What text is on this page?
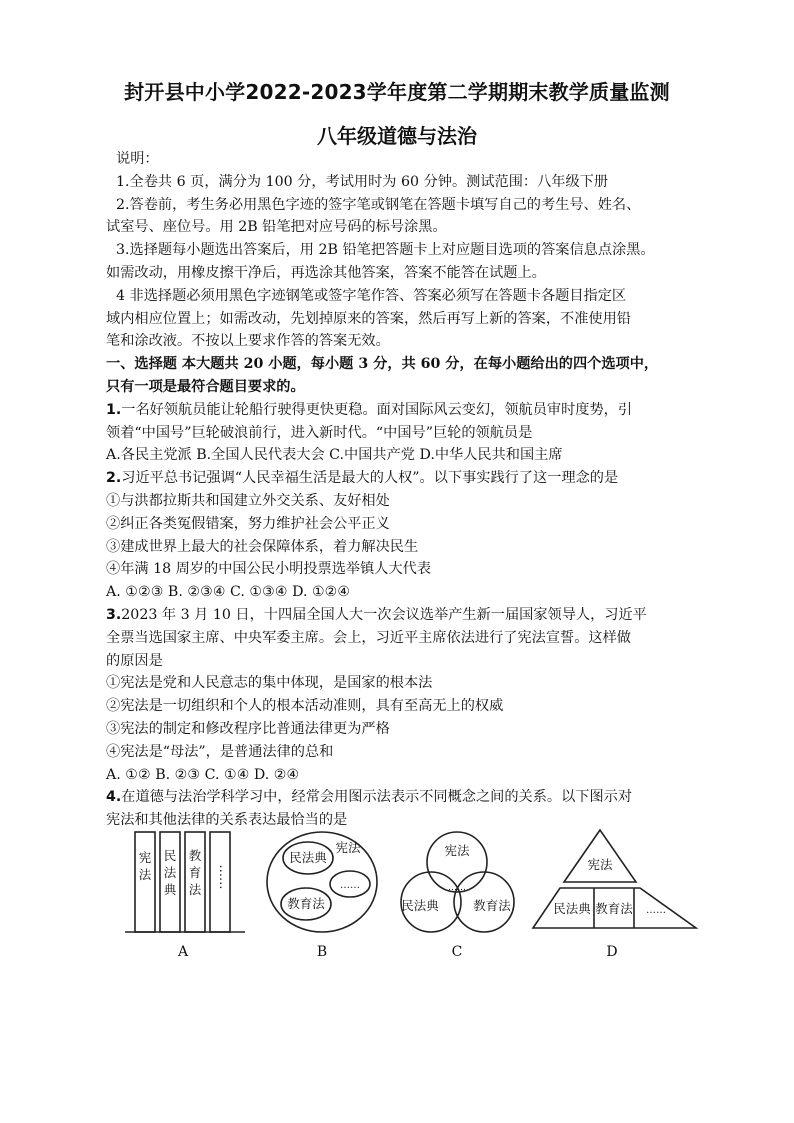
封开县中小学2022-2023学年度第二学期期末教学质量监测
八年级道德与法治
说明：
1.全卷共 6 页，满分为 100 分，考试用时为 60 分钟。测试范围：八年级下册
2.答卷前，考生务必用黑色字迹的签字笔或钢笔在答题卡填写自己的考生号、姓名、
试室号、座位号。用 2B 铅笔把对应号码的标号涂黑。
3.选择题每小题选出答案后，用 2B 铅笔把答题卡上对应题目选项的答案信息点涂黑。
如需改动，用橡皮擦干净后，再选涂其他答案，答案不能答在试题上。
4 非选择题必须用黑色字迹钢笔或签字笔作答、答案必须写在答题卡各题目指定区
域内相应位置上；如需改动，先划掉原来的答案，然后再写上新的答案，不准使用铅
笔和涂改液。不按以上要求作答的答案无效。
一、选择题 本大题共 20 小题，每小题 3 分，共 60 分，在每小题给出的四个选项中，
只有一项是最符合题目要求的。
1.一名好领航员能让轮船行驶得更快更稳。面对国际风云变幻，领航员审时度势，引
领着“中国号”巨轮破浪前行，进入新时代。“中国号”巨轮的领航员是
A.各民主党派 B.全国人民代表大会 C.中国共产党 D.中华人民共和国主席
2.习近平总书记强调“人民幸福生活是最大的人权”。以下事实践行了这一理念的是
①与洪都拉斯共和国建立外交关系、友好相处
②纠正各类冤假错案，努力维护社会公平正义
③建成世界上最大的社会保障体系，着力解决民生
④年满 18 周岁的中国公民小明投票选举镇人大代表
A. ①②③ B. ②③④ C. ①③④ D. ①②④
3.2023 年 3 月 10 日，十四届全国人大一次会议选举产生新一届国家领导人，习近平
全票当选国家主席、中央军委主席。会上，习近平主席依法进行了宪法宣誓。这样做
的原因是
①宪法是党和人民意志的集中体现，是国家的根本法
②宪法是一切组织和个人的根本活动准则，具有至高无上的权威
③宪法的制定和修改程序比普通法律更为严格
④宪法是“母法”，是普通法律的总和
A. ①② B. ②③ C. ①④ D. ②④
4.在道德与法治学科学习中，经常会用图示法表示不同概念之间的关系。以下图示对
宪法和其他法律的关系表达最恰当的是
宪法
民法典
教育法 ……
民法典
宪法
教育法
……
宪法
民法典	教育法
……
宪法
民法典 教育法 ……
A	B	C	D
